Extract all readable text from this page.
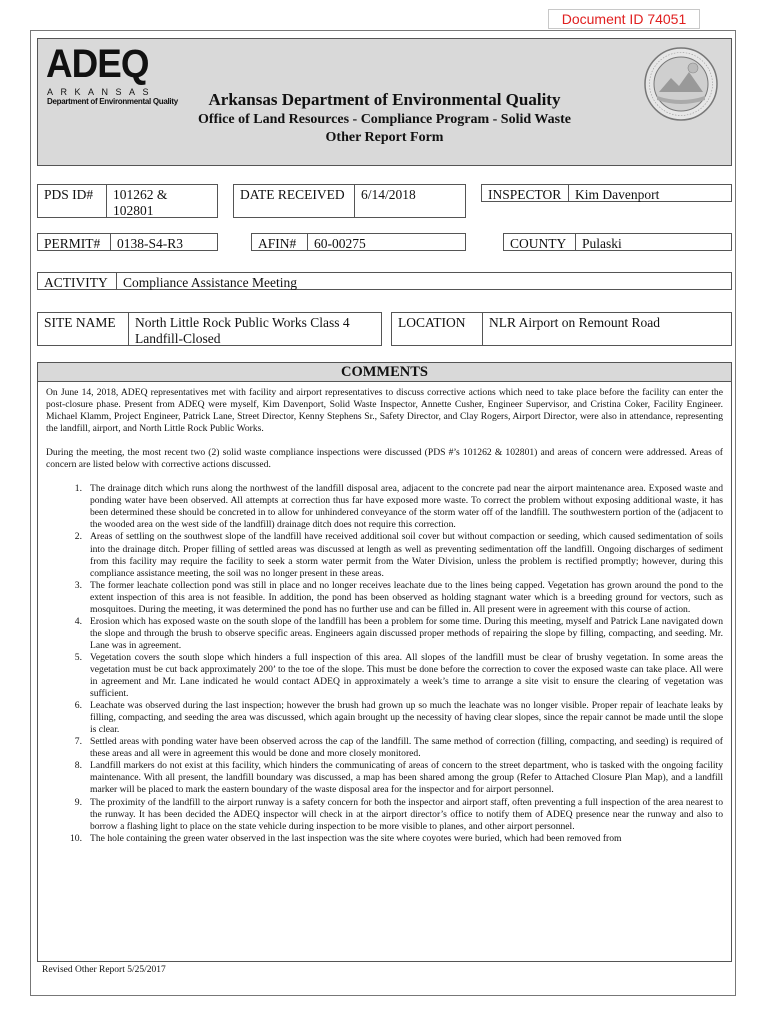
Document ID 74051
ADEQ
ARKANSAS
Department of Environmental Quality	Arkansas Department of Environmental Quality
Office of Land Resources - Compliance Program - Solid Waste
Other Report Form
PDS ID#	101262 &
102801
DATE RECEIVED	6/14/2018	INSPECTOR	Kim Davenport
PERMIT#	0138-S4-R3	AFIN#	60-00275	COUNTY	Pulaski
ACTIVITY	Compliance Assistance Meeting
SITE NAME	North Little Rock Public Works Class 4
Landfill-Closed
LOCATION	NLR Airport on Remount Road
COMMENTS

On June 14, 2018, ADEQ representatives met with facility and airport representatives to discuss corrective actions which need to take place before the facility can enter the post-closure phase. Present from ADEQ were myself, Kim Davenport, Solid Waste Inspector, Annette Cusher, Engineer Supervisor, and Cristina Coker, Facility Engineer. Michael Klamm, Project Engineer, Patrick Lane, Street Director, Kenny Stephens Sr., Safety Director, and Clay Rogers, Airport Director, were also in attendance, representing the landfill, airport, and North Little Rock Public Works.

During the meeting, the most recent two (2) solid waste compliance inspections were discussed (PDS #’s 101262 & 102801) and areas of concern were addressed. Areas of concern are listed below with corrective actions discussed.

1. The drainage ditch which runs along the northwest of the landfill disposal area, adjacent to the concrete pad near the airport maintenance area. Exposed waste and ponding water have been observed. All attempts at correction thus far have exposed more waste. To correct the problem without exposing additional waste, it has been determined these should be concreted in to allow for unhindered conveyance of the storm water off of the landfill. The southwestern portion of the (adjacent to the wooded area on the west side of the landfill) drainage ditch does not require this correction.
2. Areas of settling on the southwest slope of the landfill have received additional soil cover but without compaction or seeding, which caused sedimentation of soils into the drainage ditch. Proper filling of settled areas was discussed at length as well as preventing sedimentation off the landfill. Ongoing discharges of sediment from this facility may require the facility to seek a storm water permit from the Water Division, unless the problem is rectified promptly; however, during this compliance assistance meeting, the soil was no longer present in these areas.
3. The former leachate collection pond was still in place and no longer receives leachate due to the lines being capped. Vegetation has grown around the pond to the extent inspection of this area is not feasible. In addition, the pond has been observed as holding stagnant water which is a breeding ground for vectors, such as mosquitoes. During the meeting, it was determined the pond has no further use and can be filled in. All present were in agreement with this course of action.
4. Erosion which has exposed waste on the south slope of the landfill has been a problem for some time. During this meeting, myself and Patrick Lane navigated down the slope and through the brush to observe specific areas. Engineers again discussed proper methods of repairing the slope by filling, compacting, and seeding. Mr. Lane was in agreement.
5. Vegetation covers the south slope which hinders a full inspection of this area. All slopes of the landfill must be clear of brushy vegetation. In some areas the vegetation must be cut back approximately 200’ to the toe of the slope. This must be done before the correction to cover the exposed waste can take place. All were in agreement and Mr. Lane indicated he would contact ADEQ in approximately a week’s time to arrange a site visit to ensure the clearing of vegetation was sufficient.
6. Leachate was observed during the last inspection; however the brush had grown up so much the leachate was no longer visible. Proper repair of leachate leaks by filling, compacting, and seeding the area was discussed, which again brought up the necessity of having clear slopes, since the repair cannot be made until the slope is clear.
7. Settled areas with ponding water have been observed across the cap of the landfill. The same method of correction (filling, compacting, and seeding) is required of these areas and all were in agreement this would be done and more closely monitored.
8. Landfill markers do not exist at this facility, which hinders the communicating of areas of concern to the street department, who is tasked with the ongoing facility maintenance. With all present, the landfill boundary was discussed, a map has been shared among the group (Refer to Attached Closure Plan Map), and a landfill marker will be placed to mark the eastern boundary of the waste disposal area for the inspector and for airport personnel.
9. The proximity of the landfill to the airport runway is a safety concern for both the inspector and airport staff, often preventing a full inspection of the area nearest to the runway. It has been decided the ADEQ inspector will check in at the airport director’s office to notify them of ADEQ presence near the runway and also to borrow a flashing light to place on the state vehicle during inspection to be more visible to planes, and other airport personnel.
10. The hole containing the green water observed in the last inspection was the site where coyotes were buried, which had been removed from
Revised Other Report 5/25/2017
